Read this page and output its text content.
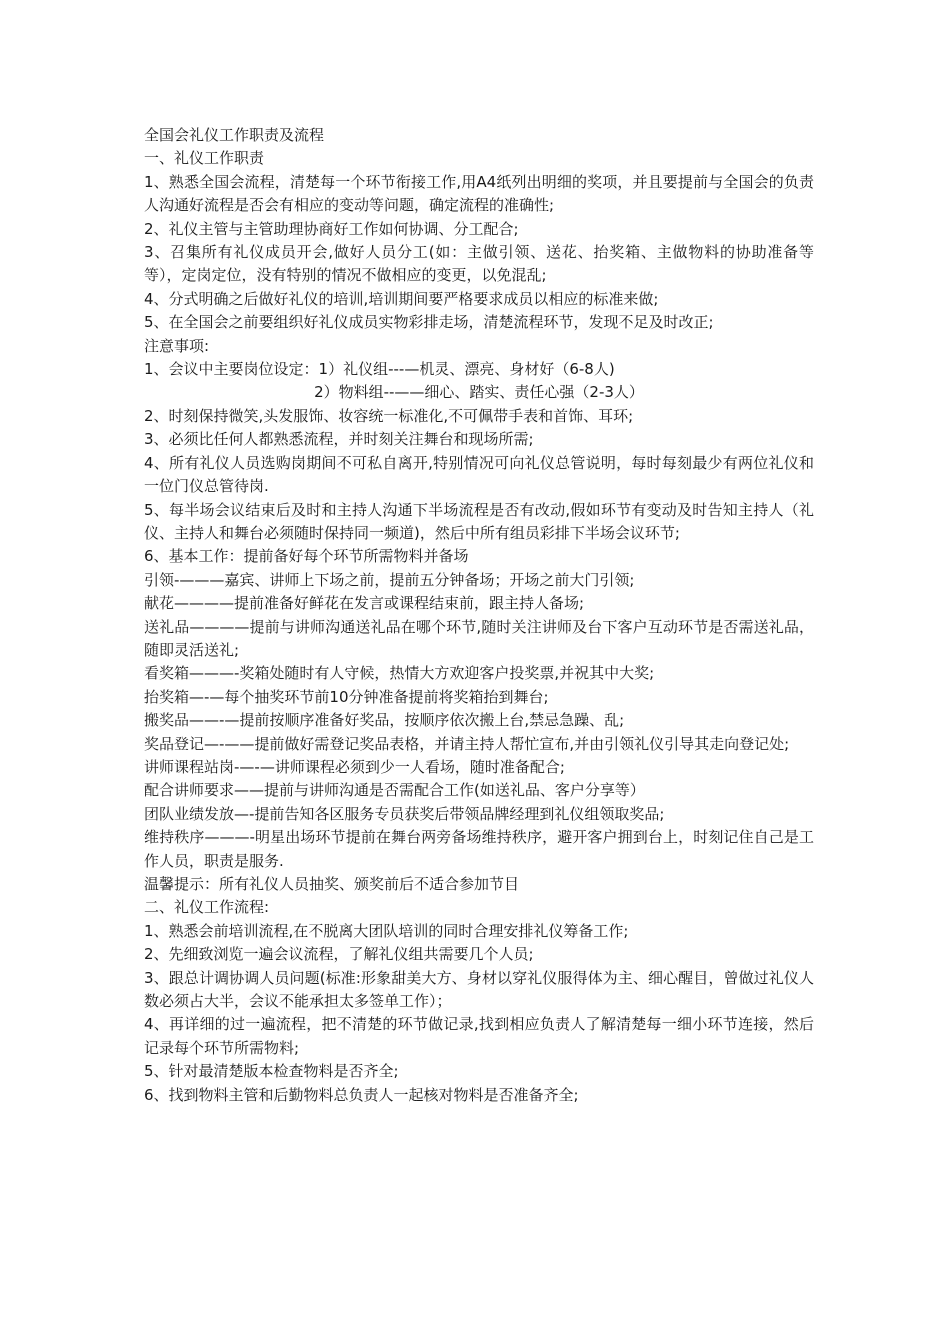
全国会礼仪工作职责及流程

一、礼仪工作职责

1、熟悉全国会流程，清楚每一个环节衔接工作,用A4纸列出明细的奖项，并且要提前与全国会的负责人沟通好流程是否会有相应的变动等问题，确定流程的准确性;

2、礼仪主管与主管助理协商好工作如何协调、分工配合;

3、召集所有礼仪成员开会,做好人员分工(如：主做引领、送花、抬奖箱、主做物料的协助准备等等），定岗定位，没有特别的情况不做相应的变更，以免混乱;

4、分式明确之后做好礼仪的培训,培训期间要严格要求成员以相应的标准来做;

5、在全国会之前要组织好礼仪成员实物彩排走场，清楚流程环节，发现不足及时改正;

注意事项:

1、会议中主要岗位设定：1）礼仪组---—机灵、漂亮、身材好（6-8人)

2）物料组--——细心、踏实、责任心强（2-3人）

2、时刻保持微笑,头发服饰、妆容统一标准化,不可佩带手表和首饰、耳环;

3、必须比任何人都熟悉流程，并时刻关注舞台和现场所需;

4、所有礼仪人员选购岗期间不可私自离开,特别情况可向礼仪总管说明，每时每刻最少有两位礼仪和一位门仪总管待岗.

5、每半场会议结束后及时和主持人沟通下半场流程是否有改动,假如环节有变动及时告知主持人（礼仪、主持人和舞台必须随时保持同一频道)，然后中所有组员彩排下半场会议环节;

6、基本工作：提前备好每个环节所需物料并备场

引领-———嘉宾、讲师上下场之前，提前五分钟备场；开场之前大门引领;

献花————提前准备好鲜花在发言或课程结束前，跟主持人备场;

送礼品————提前与讲师沟通送礼品在哪个环节,随时关注讲师及台下客户互动环节是否需送礼品，随即灵活送礼;

看奖箱———-奖箱处随时有人守候，热情大方欢迎客户投奖票,并祝其中大奖;

抬奖箱—-—每个抽奖环节前10分钟准备提前将奖箱抬到舞台;

搬奖品——-—提前按顺序准备好奖品，按顺序依次搬上台,禁忌急躁、乱;

奖品登记—-——提前做好需登记奖品表格，并请主持人帮忙宣布,并由引领礼仪引导其走向登记处;

讲师课程站岗-—-—讲师课程必须到少一人看场，随时准备配合;

配合讲师要求——提前与讲师沟通是否需配合工作(如送礼品、客户分享等）

团队业绩发放—-提前告知各区服务专员获奖后带领品牌经理到礼仪组领取奖品;

维持秩序———-明星出场环节提前在舞台两旁备场维持秩序，避开客户拥到台上，时刻记住自己是工作人员，职责是服务.

温馨提示：所有礼仪人员抽奖、颁奖前后不适合参加节目

二、礼仪工作流程:

1、熟悉会前培训流程,在不脱离大团队培训的同时合理安排礼仪筹备工作;

2、先细致浏览一遍会议流程，了解礼仪组共需要几个人员;

3、跟总计调协调人员问题(标准:形象甜美大方、身材以穿礼仪服得体为主、细心醒目，曾做过礼仪人数必须占大半，会议不能承担太多签单工作）；

4、再详细的过一遍流程，把不清楚的环节做记录,找到相应负责人了解清楚每一细小环节连接，然后记录每个环节所需物料;

5、针对最清楚版本检查物料是否齐全;

6、找到物料主管和后勤物料总负责人一起核对物料是否准备齐全;
